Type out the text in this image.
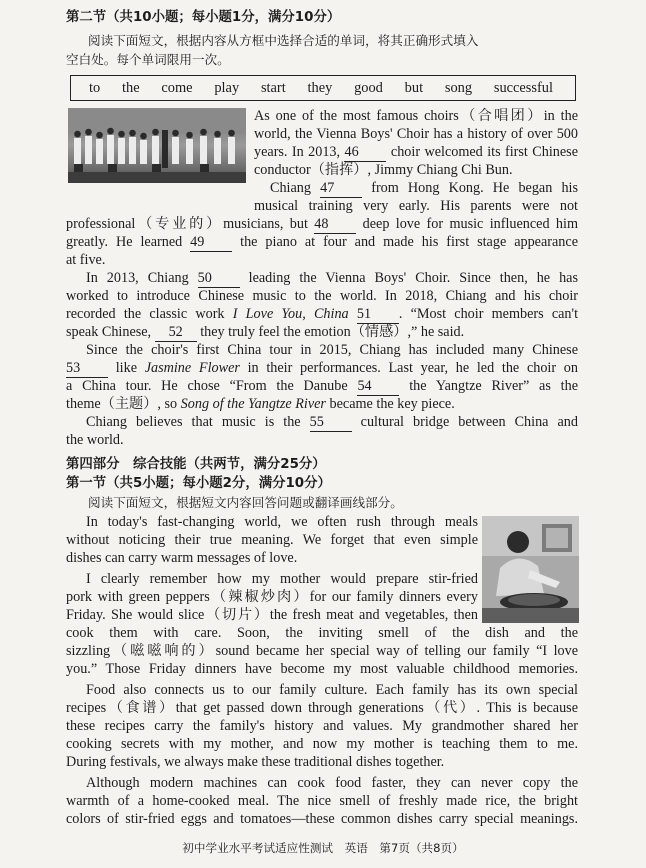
第二节（共10小题；每小题1分，满分10分）
阅读下面短文，根据内容从方框中选择合适的单词，将其正确形式填入
空白处。每个单词限用一次。
to the come play start they good but song successful
As one of the most famous choirs（合唱团）in the
world, the Vienna Boys' Choir has a history of over 500
years. In 2013, 46 choir welcomed its first Chinese
conductor（指挥）, Jimmy Chiang Chi Bun.
Chiang 47 from Hong Kong. He began his
musical training very early. His parents were not
professional（专业的）musicians, but 48 deep love for music influenced him
greatly. He learned 49 the piano at four and made his first stage appearance
at five.
In 2013, Chiang 50 leading the Vienna Boys' Choir. Since then, he has
worked to introduce Chinese music to the world. In 2018, Chiang and his choir
recorded the classic work I Love You, China 51 . “Most choir members can't
speak Chinese, 52 they truly feel the emotion（情感）,” he said.
Since the choir's first China tour in 2015, Chiang has included many Chinese
53 like Jasmine Flower in their performances. Last year, he led the choir on
a China tour. He chose “From the Danube 54 the Yangtze River” as the
theme（主题）, so Song of the Yangtze River became the key piece.
Chiang believes that music is the 55 cultural bridge between China and
the world.
第四部分　综合技能（共两节，满分25分）
第一节（共5小题；每小题2分，满分10分）
阅读下面短文，根据短文内容回答问题或翻译画线部分。
In today's fast-changing world, we often rush through meals
without noticing their true meaning. We forget that even simple
dishes can carry warm messages of love.
I clearly remember how my mother would prepare stir-fried
pork with green peppers（辣椒炒肉）for our family dinners every
Friday. She would slice（切片）the fresh meat and vegetables, then
cook them with care. Soon, the inviting smell of the dish and the
sizzling（嗞嗞响的）sound became her special way of telling our family “I love
you.” Those Friday dinners have become my most valuable childhood memories.
Food also connects us to our family culture. Each family has its own special
recipes（食谱）that get passed down through generations（代）. This is because
these recipes carry the family's history and values. My grandmother shared her
cooking secrets with my mother, and now my mother is teaching them to me.
During festivals, we always make these traditional dishes together.
Although modern machines can cook food faster, they can never copy the
warmth of a home-cooked meal. The nice smell of freshly made rice, the bright
colors of stir-fried eggs and tomatoes—these common dishes carry special meanings.
初中学业水平考试适应性测试　英语　第7页（共8页）
